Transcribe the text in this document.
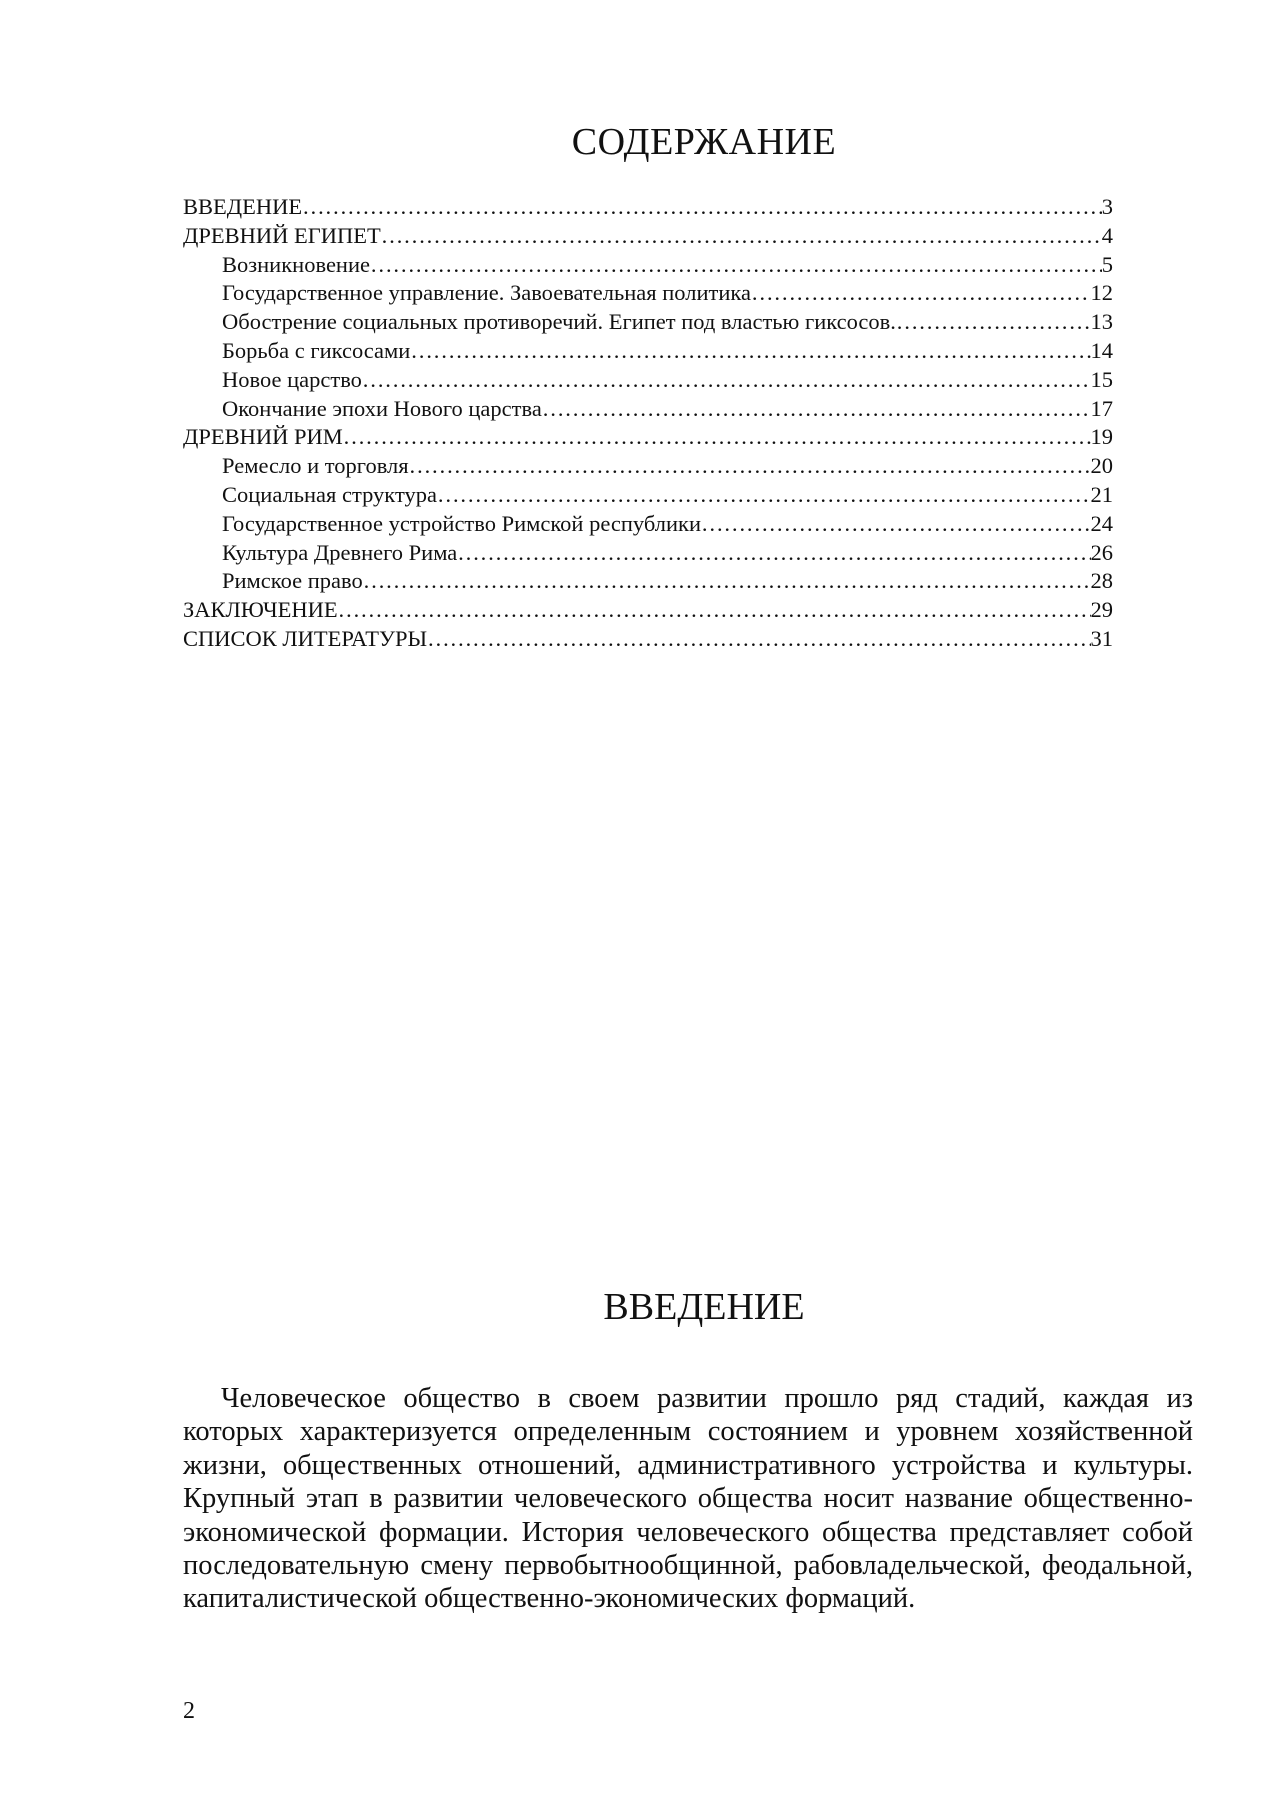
СОДЕРЖАНИЕ
ВВЕДЕНИЕ ……………………………………………………………………………………………………………………………………………………………………………………	3
ДРЕВНИЙ ЕГИПЕТ ……………………………………………………………………………………………………………………………………………………………………………………	4
Возникновение ……………………………………………………………………………………………………………………………………………………………………………………	5
Государственное управление. Завоевательная политика ……………………………………………………………………………………………………………………………………………………………………………………	12
Обострение социальных противоречий. Египет под властью гиксосов. ……………………………………………………………………………………………………………………………………………………………………………………	13
Борьба с гиксосами ……………………………………………………………………………………………………………………………………………………………………………………	14
Новое царство ……………………………………………………………………………………………………………………………………………………………………………………	15
Окончание эпохи Нового царства ……………………………………………………………………………………………………………………………………………………………………………………	17
ДРЕВНИЙ РИМ ……………………………………………………………………………………………………………………………………………………………………………………	19
Ремесло и торговля ……………………………………………………………………………………………………………………………………………………………………………………	20
Социальная структура ……………………………………………………………………………………………………………………………………………………………………………………	21
Государственное устройство Римской республики ……………………………………………………………………………………………………………………………………………………………………………………	24
Культура Древнего Рима ……………………………………………………………………………………………………………………………………………………………………………………	26
Римское право ……………………………………………………………………………………………………………………………………………………………………………………	28
ЗАКЛЮЧЕНИЕ ……………………………………………………………………………………………………………………………………………………………………………………	29
СПИСОК ЛИТЕРАТУРЫ ……………………………………………………………………………………………………………………………………………………………………………………	31
ВВЕДЕНИЕ
Человеческое общество в своем развитии прошло ряд стадий, каждая из которых характеризуется определенным состоянием и уровнем хозяйственной жизни, общественных отношений, административного устройства и культуры. Крупный этап в развитии человеческого общества носит название общественно-экономической формации. История человеческого общества представляет собой последовательную смену первобытнообщинной, рабовладельческой, феодальной, капиталистической общественно-экономических формаций.
2
